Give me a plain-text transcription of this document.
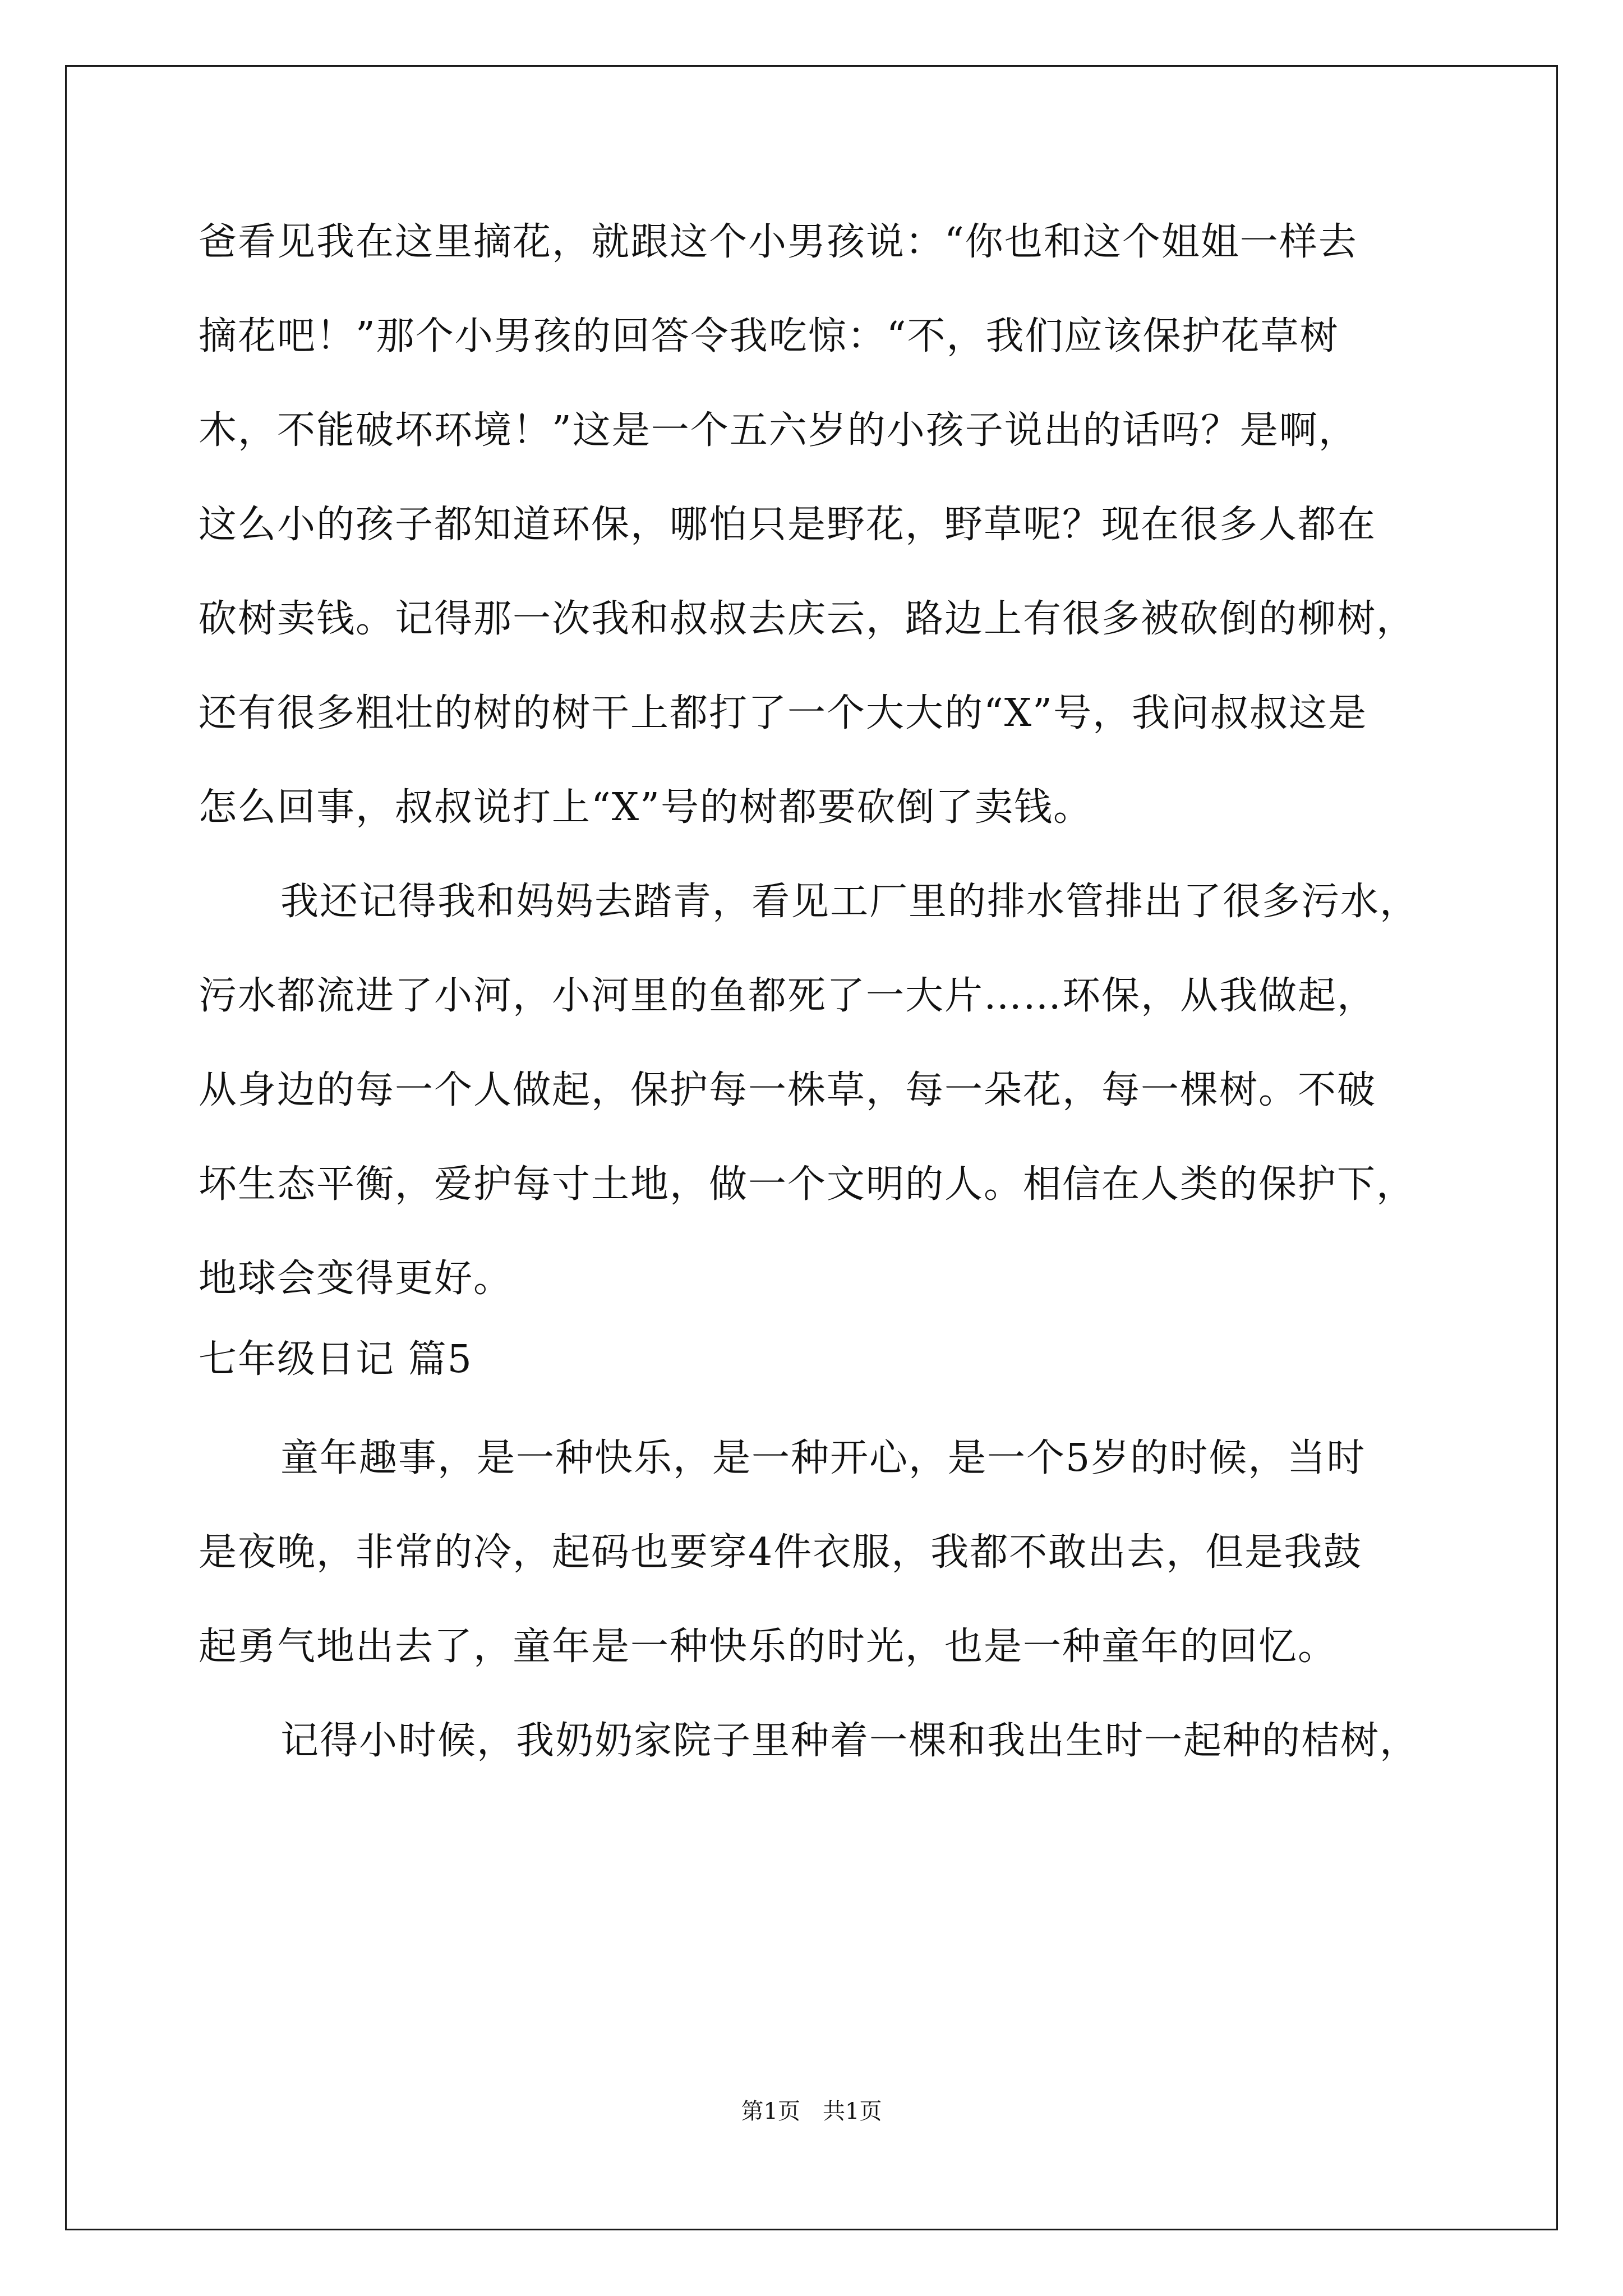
爸看见我在这里摘花，就跟这个小男孩说：“你也和这个姐姐一样去
摘花吧！”那个小男孩的回答令我吃惊：“不，我们应该保护花草树
木，不能破坏环境！”这是一个五六岁的小孩子说出的话吗？是啊，
这么小的孩子都知道环保，哪怕只是野花，野草呢？现在很多人都在
砍树卖钱。记得那一次我和叔叔去庆云，路边上有很多被砍倒的柳树，
还有很多粗壮的树的树干上都打了一个大大的“X”号，我问叔叔这是
怎么回事，叔叔说打上“X”号的树都要砍倒了卖钱。
我还记得我和妈妈去踏青，看见工厂里的排水管排出了很多污水，
污水都流进了小河，小河里的鱼都死了一大片……环保，从我做起，
从身边的每一个人做起，保护每一株草，每一朵花，每一棵树。不破
坏生态平衡，爱护每寸土地，做一个文明的人。相信在人类的保护下，
地球会变得更好。
七年级日记 篇5
童年趣事，是一种快乐，是一种开心，是一个5岁的时候，当时
是夜晚，非常的冷，起码也要穿4件衣服，我都不敢出去，但是我鼓
起勇气地出去了，童年是一种快乐的时光，也是一种童年的回忆。
记得小时候，我奶奶家院子里种着一棵和我出生时一起种的桔树，
第1页　共1页
